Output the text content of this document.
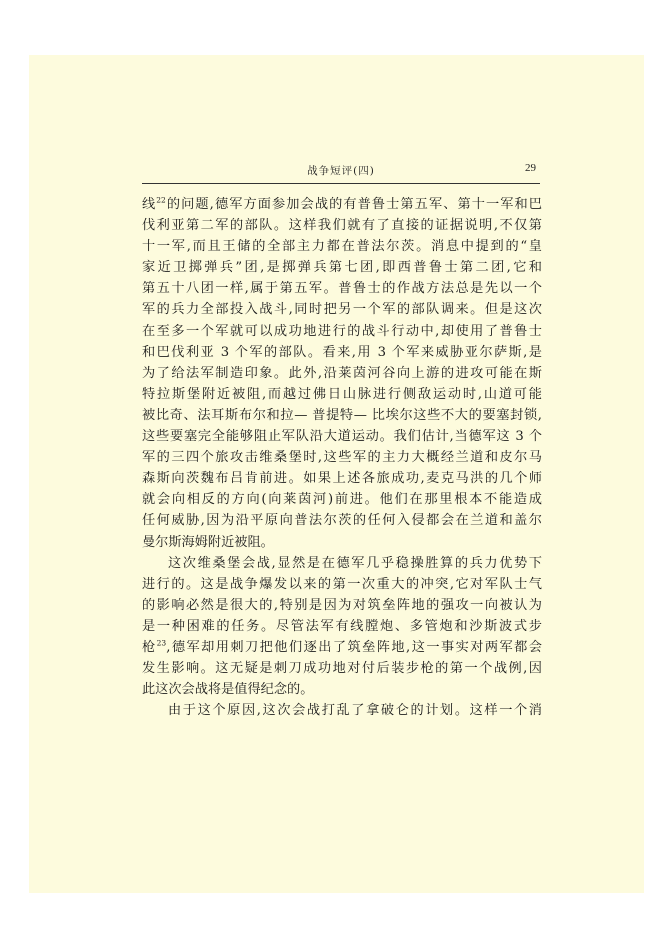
战争短评(四)	29
线$^{22}$的问题,德军方面参加会战的有普鲁士第五军、第十一军和巴
伐利亚第二军的部队。这样我们就有了直接的证据说明,不仅第
十一军,而且王储的全部主力都在普法尔茨。消息中提到的“皇
家近卫掷弹兵”团,是掷弹兵第七团,即西普鲁士第二团,它和
第五十八团一样,属于第五军。普鲁士的作战方法总是先以一个
军的兵力全部投入战斗,同时把另一个军的部队调来。但是这次
在至多一个军就可以成功地进行的战斗行动中,却使用了普鲁士
和巴伐利亚 3 个军的部队。看来,用 3 个军来威胁亚尔萨斯,是
为了给法军制造印象。此外,沿莱茵河谷向上游的进攻可能在斯
特拉斯堡附近被阻,而越过佛日山脉进行侧敌运动时,山道可能
被比奇、法耳斯布尔和拉— 普提特— 比埃尔这些不大的要塞封锁,
这些要塞完全能够阻止军队沿大道运动。我们估计,当德军这 3 个
军的三四个旅攻击维桑堡时,这些军的主力大概经兰道和皮尔马
森斯向茨魏布吕肯前进。如果上述各旅成功,麦克马洪的几个师
就会向相反的方向(向莱茵河)前进。他们在那里根本不能造成
任何威胁,因为沿平原向普法尔茨的任何入侵都会在兰道和盖尔
曼尔斯海姆附近被阻。
这次维桑堡会战,显然是在德军几乎稳操胜算的兵力优势下
进行的。这是战争爆发以来的第一次重大的冲突,它对军队士气
的影响必然是很大的,特别是因为对筑垒阵地的强攻一向被认为
是一种困难的任务。尽管法军有线膛炮、多管炮和沙斯波式步
枪$^{23}$,德军却用刺刀把他们逐出了筑垒阵地,这一事实对两军都会
发生影响。这无疑是刺刀成功地对付后装步枪的第一个战例,因
此这次会战将是值得纪念的。
由于这个原因,这次会战打乱了拿破仑的计划。这样一个消
